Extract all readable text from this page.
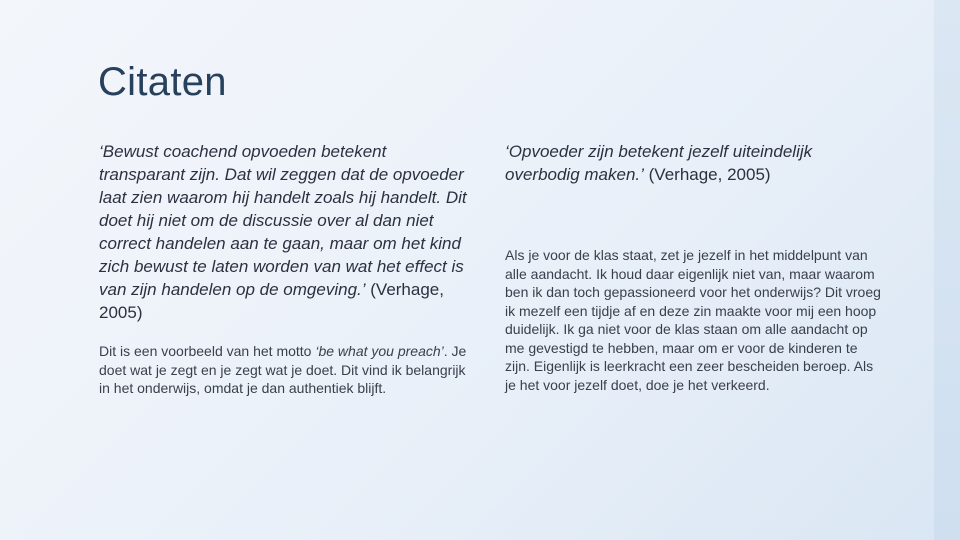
Citaten

‘Bewust coachend opvoeden betekent transparant zijn. Dat wil zeggen dat de opvoeder laat zien waarom hij handelt zoals hij handelt. Dit doet hij niet om de discussie over al dan niet correct handelen aan te gaan, maar om het kind zich bewust te laten worden van wat het effect is van zijn handelen op de omgeving.’ (Verhage, 2005)

Dit is een voorbeeld van het motto ‘be what you preach’. Je doet wat je zegt en je zegt wat je doet. Dit vind ik belangrijk in het onderwijs, omdat je dan authentiek blijft.

‘Opvoeder zijn betekent jezelf uiteindelijk overbodig maken.’ (Verhage, 2005)

Als je voor de klas staat, zet je jezelf in het middelpunt van alle aandacht. Ik houd daar eigenlijk niet van, maar waarom ben ik dan toch gepassioneerd voor het onderwijs? Dit vroeg ik mezelf een tijdje af en deze zin maakte voor mij een hoop duidelijk. Ik ga niet voor de klas staan om alle aandacht op me gevestigd te hebben, maar om er voor de kinderen te zijn. Eigenlijk is leerkracht een zeer bescheiden beroep. Als je het voor jezelf doet, doe je het verkeerd.
